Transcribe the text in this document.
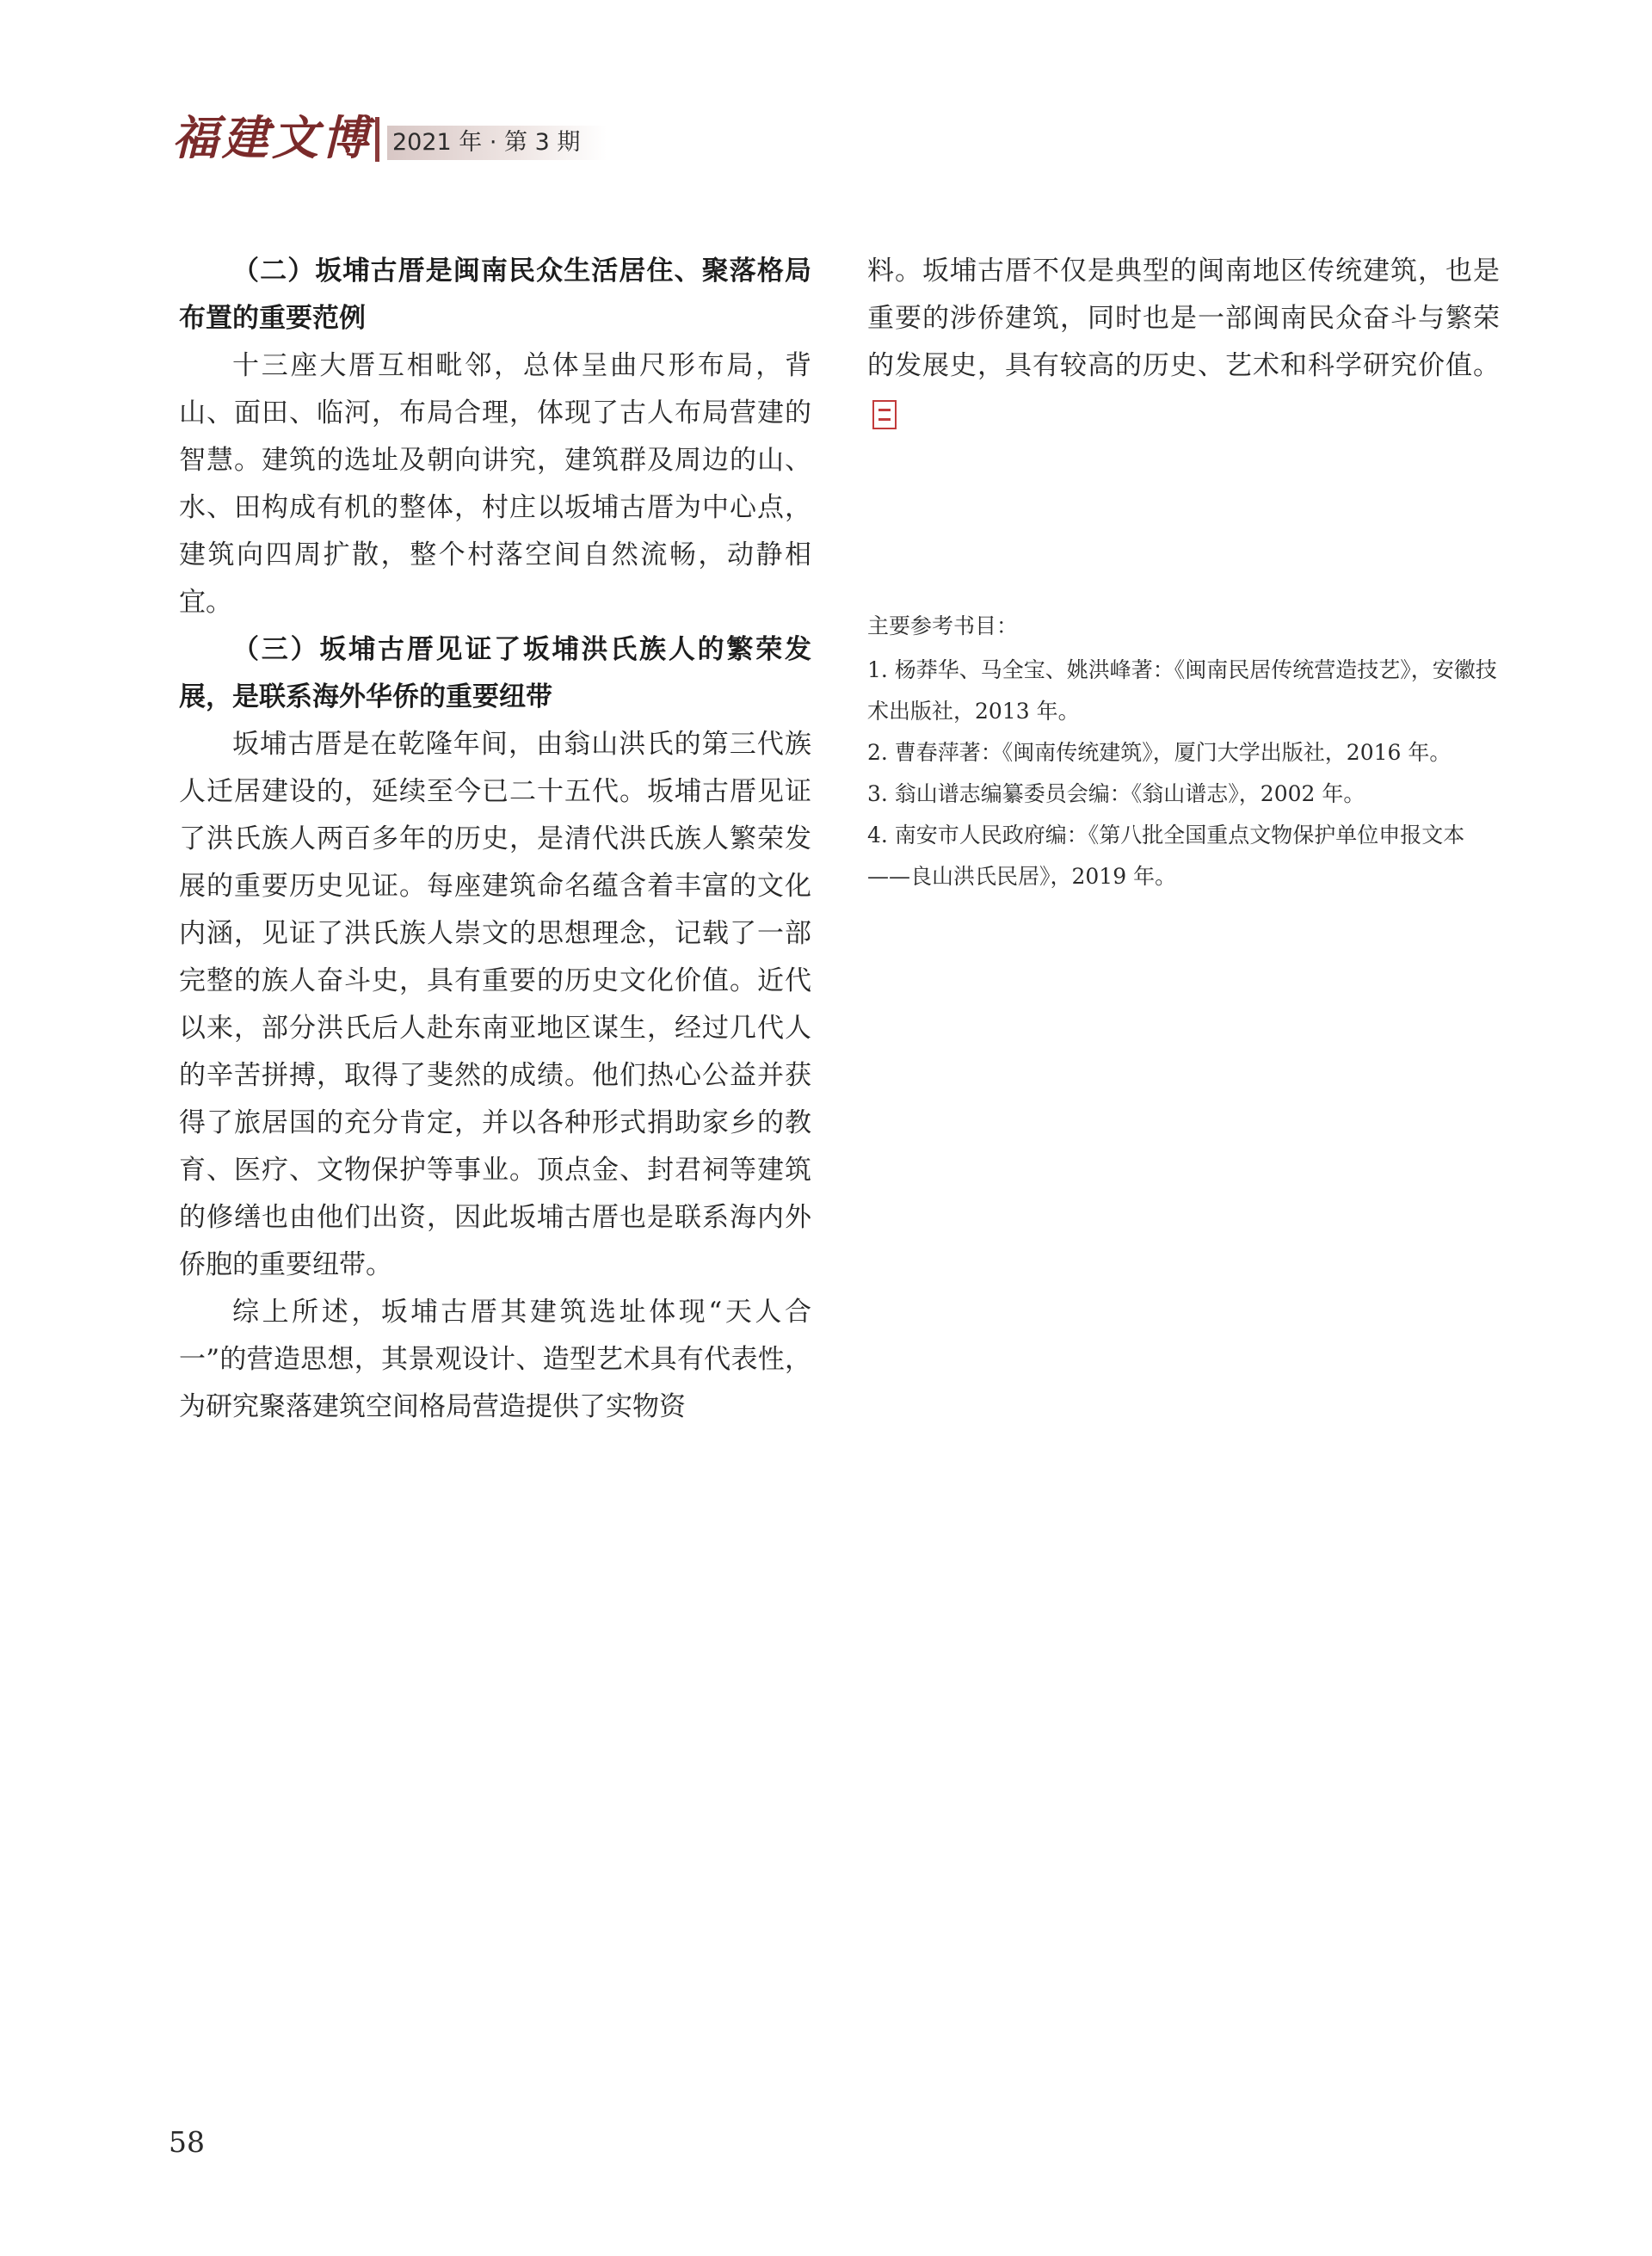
福建文博 2021 年 · 第 3 期

（二）坂埔古厝是闽南民众生活居住、聚落格局布置的重要范例

十三座大厝互相毗邻，总体呈曲尺形布局，背山、面田、临河，布局合理，体现了古人布局营建的智慧。建筑的选址及朝向讲究，建筑群及周边的山、水、田构成有机的整体，村庄以坂埔古厝为中心点，建筑向四周扩散，整个村落空间自然流畅，动静相宜。

（三）坂埔古厝见证了坂埔洪氏族人的繁荣发展，是联系海外华侨的重要纽带

坂埔古厝是在乾隆年间，由翁山洪氏的第三代族人迁居建设的，延续至今已二十五代。坂埔古厝见证了洪氏族人两百多年的历史，是清代洪氏族人繁荣发展的重要历史见证。每座建筑命名蕴含着丰富的文化内涵，见证了洪氏族人崇文的思想理念，记载了一部完整的族人奋斗史，具有重要的历史文化价值。近代以来，部分洪氏后人赴东南亚地区谋生，经过几代人的辛苦拼搏，取得了斐然的成绩。他们热心公益并获得了旅居国的充分肯定，并以各种形式捐助家乡的教育、医疗、文物保护等事业。顶点金、封君祠等建筑的修缮也由他们出资，因此坂埔古厝也是联系海内外侨胞的重要纽带。

综上所述，坂埔古厝其建筑选址体现“天人合一”的营造思想，其景观设计、造型艺术具有代表性，为研究聚落建筑空间格局营造提供了实物资

料。坂埔古厝不仅是典型的闽南地区传统建筑，也是重要的涉侨建筑，同时也是一部闽南民众奋斗与繁荣的发展史，具有较高的历史、艺术和科学研究价值。

主要参考书目：

1. 杨莽华、马全宝、姚洪峰著：《闽南民居传统营造技艺》，安徽技术出版社，2013 年。

2. 曹春萍著：《闽南传统建筑》，厦门大学出版社，2016 年。

3. 翁山谱志编纂委员会编：《翁山谱志》，2002 年。

4. 南安市人民政府编：《第八批全国重点文物保护单位申报文本——良山洪氏民居》，2019 年。

58
